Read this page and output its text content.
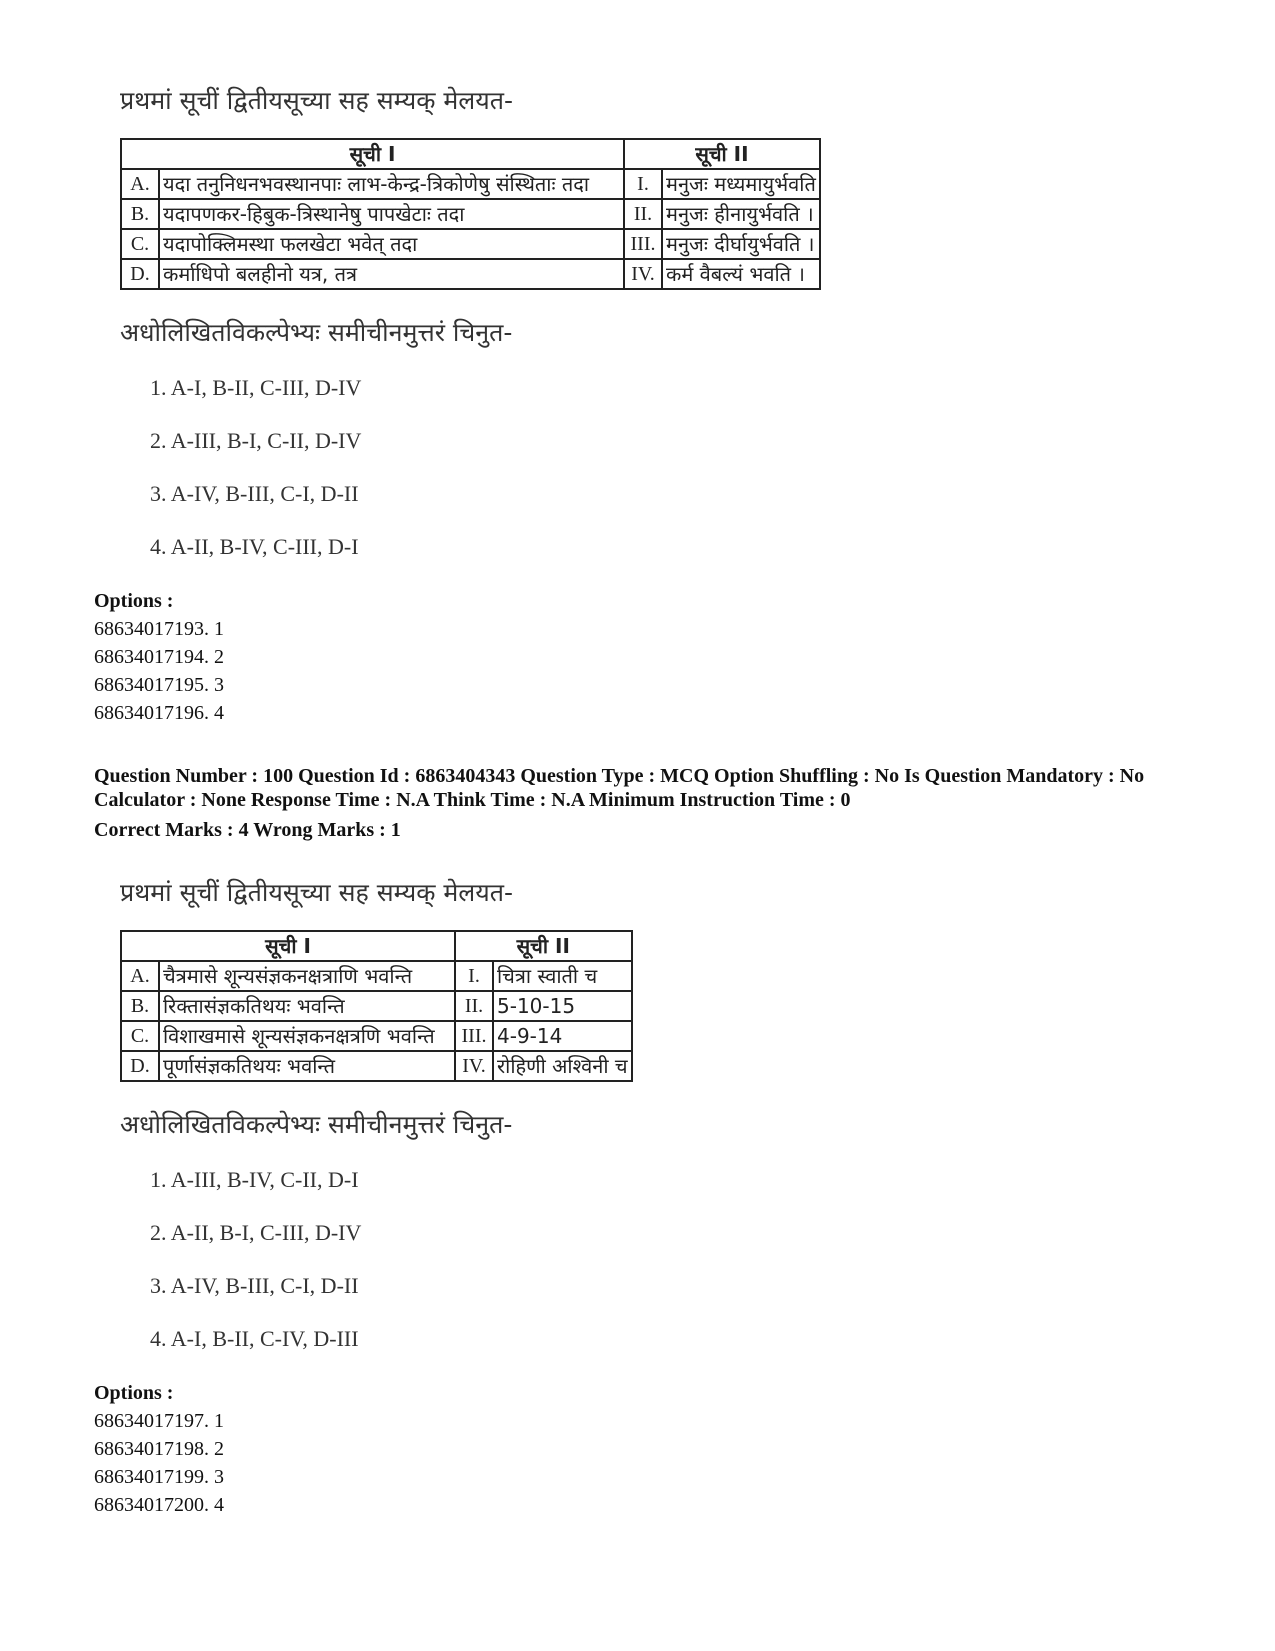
प्रथमां सूचीं द्वितीयसूच्या सह सम्यक् मेलयत-
सूची I		सूची II	
A.	यदा तनुनिधनभवस्थानपाः लाभ-केन्द्र-त्रिकोणेषु संस्थिताः तदा	I.	मनुजः मध्यमायुर्भवति
B.	यदापणकर-हिबुक-त्रिस्थानेषु पापखेटाः तदा	II.	मनुजः हीनायुर्भवति ।
C.	यदापोक्लिमस्था फलखेटा भवेत् तदा	III.	मनुजः दीर्घायुर्भवति ।
D.	कर्माधिपो बलहीनो यत्र, तत्र	IV.	कर्म वैबल्यं भवति ।
अधोलिखितविकल्पेभ्यः समीचीनमुत्तरं चिनुत-
1. A-I, B-II, C-III, D-IV
2. A-III, B-I, C-II, D-IV
3. A-IV, B-III, C-I, D-II
4. A-II, B-IV, C-III, D-I
Options :
68634017193. 1
68634017194. 2
68634017195. 3
68634017196. 4
Question Number : 100 Question Id : 6863404343 Question Type : MCQ Option Shuffling : No Is Question Mandatory : No Calculator : None Response Time : N.A Think Time : N.A Minimum Instruction Time : 0
Correct Marks : 4 Wrong Marks : 1
प्रथमां सूचीं द्वितीयसूच्या सह सम्यक् मेलयत-
सूची I		सूची II	
A.	चैत्रमासे शून्यसंज्ञकनक्षत्राणि भवन्ति	I.	चित्रा स्वाती च
B.	रिक्तासंज्ञकतिथयः भवन्ति	II.	5-10-15
C.	विशाखमासे शून्यसंज्ञकनक्षत्रणि भवन्ति	III.	4-9-14
D.	पूर्णासंज्ञकतिथयः भवन्ति	IV.	रोहिणी अश्विनी च
अधोलिखितविकल्पेभ्यः समीचीनमुत्तरं चिनुत-
1. A-III, B-IV, C-II, D-I
2. A-II, B-I, C-III, D-IV
3. A-IV, B-III, C-I, D-II
4. A-I, B-II, C-IV, D-III
Options :
68634017197. 1
68634017198. 2
68634017199. 3
68634017200. 4
